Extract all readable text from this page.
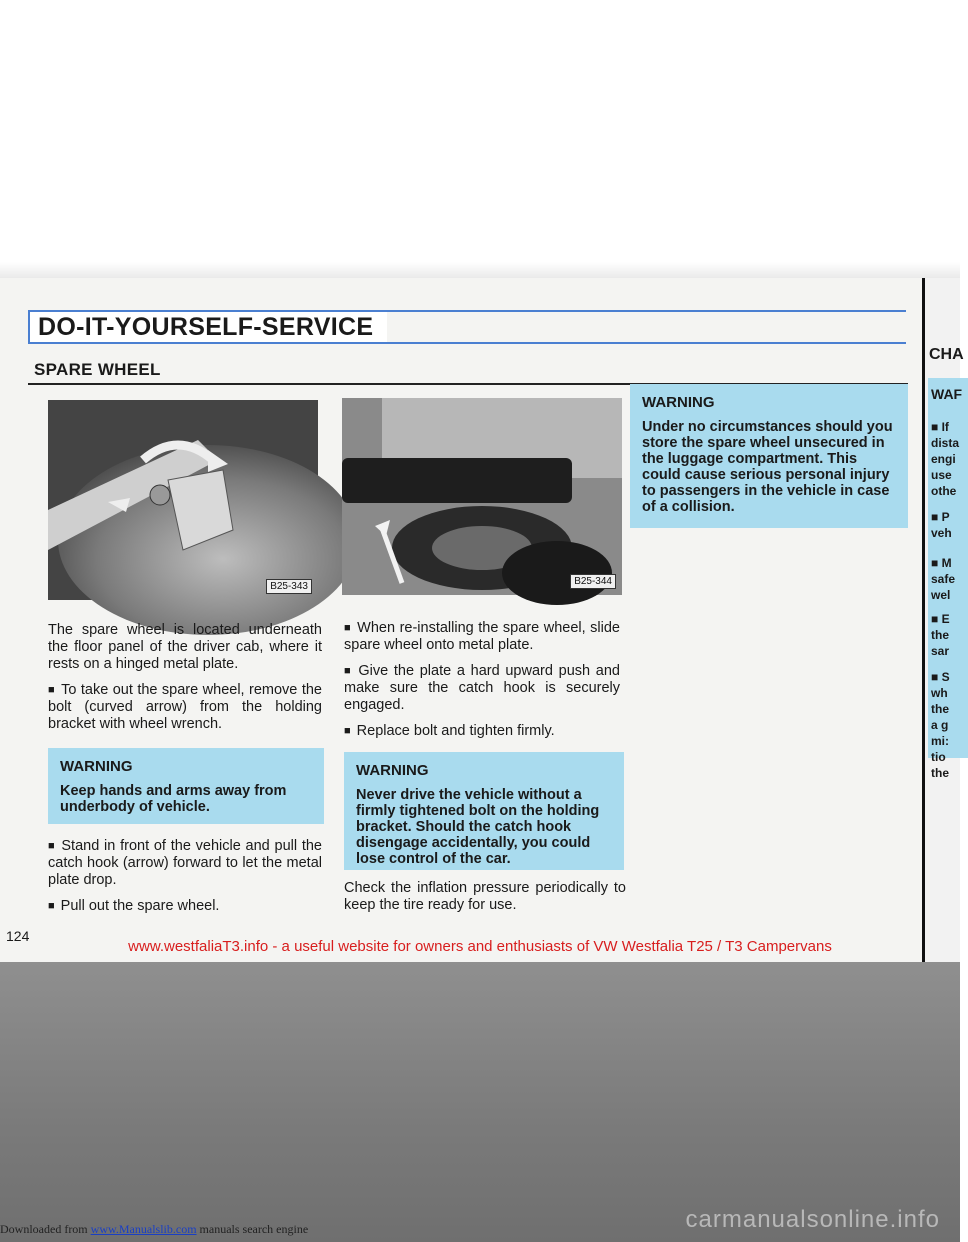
DO-IT-YOURSELF-SERVICE
SPARE WHEEL
B25-343	B25-344

The spare wheel is located underneath the floor panel of the driver cab, where it rests on a hinged metal plate.

■ To take out the spare wheel, remove the bolt (curved arrow) from the holding bracket with wheel wrench.

WARNING
Keep hands and arms away from underbody of vehicle.

■ Stand in front of the vehicle and pull the catch hook (arrow) forward to let the metal plate drop.

■ Pull out the spare wheel.

■ When re-installing the spare wheel, slide spare wheel onto metal plate.

■ Give the plate a hard upward push and make sure the catch hook is securely engaged.

■ Replace bolt and tighten firmly.

WARNING
Never drive the vehicle without a firmly tightened bolt on the holding bracket. Should the catch hook disengage accidentally, you could lose control of the car.

Check the inflation pressure periodically to keep the tire ready for use.

WARNING
Under no circumstances should you store the spare wheel unsecured in the luggage compartment. This could cause serious personal injury to passengers in the vehicle in case of a collision.
CHA
WAF
■ If
dista
engi
use
othe
■ P
veh
■ M
safe
wel
■ E
the
sar
■ S
wh
the
a g
mi:
tio
the
124
www.westfaliaT3.info - a useful website for owners and enthusiasts of VW Westfalia T25 / T3 Campervans
carmanualsonline.info
Downloaded from www.Manualslib.com manuals search engine
